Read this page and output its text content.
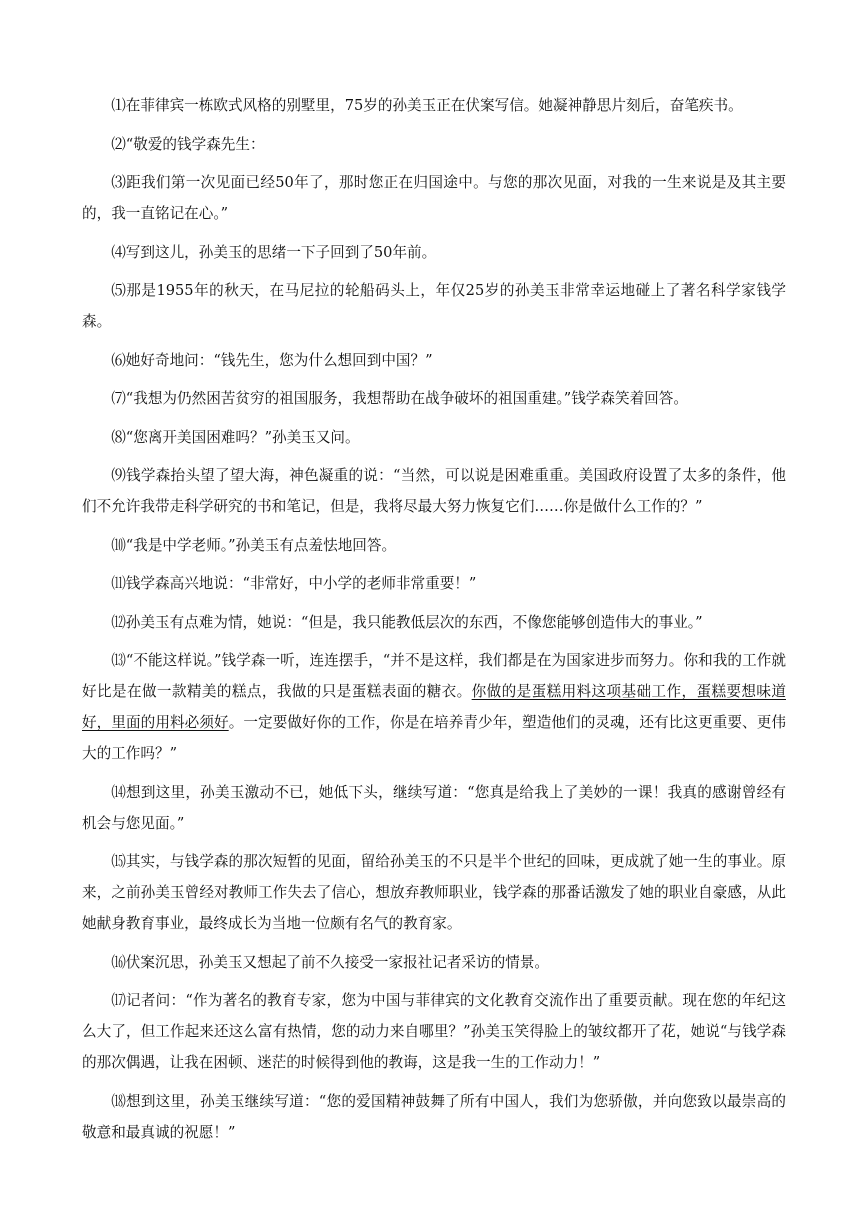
⑴在菲律宾一栋欧式风格的别墅里，75岁的孙美玉正在伏案写信。她凝神静思片刻后，奋笔疾书。

⑵“敬爱的钱学森先生：

⑶距我们第一次见面已经50年了，那时您正在归国途中。与您的那次见面，对我的一生来说是及其主要的，我一直铭记在心。”

⑷写到这儿，孙美玉的思绪一下子回到了50年前。

⑸那是1955年的秋天，在马尼拉的轮船码头上，年仅25岁的孙美玉非常幸运地碰上了著名科学家钱学森。

⑹她好奇地问：“钱先生，您为什么想回到中国？”

⑺“我想为仍然困苦贫穷的祖国服务，我想帮助在战争破坏的祖国重建。”钱学森笑着回答。

⑻“您离开美国困难吗？”孙美玉又问。

⑼钱学森抬头望了望大海，神色凝重的说：“当然，可以说是困难重重。美国政府设置了太多的条件，他们不允许我带走科学研究的书和笔记，但是，我将尽最大努力恢复它们……你是做什么工作的？”

⑽“我是中学老师。”孙美玉有点羞怯地回答。

⑾钱学森高兴地说：“非常好，中小学的老师非常重要！”

⑿孙美玉有点难为情，她说：“但是，我只能教低层次的东西，不像您能够创造伟大的事业。”

⒀“不能这样说。”钱学森一听，连连摆手，“并不是这样，我们都是在为国家进步而努力。你和我的工作就好比是在做一款精美的糕点，我做的只是蛋糕表面的糖衣。你做的是蛋糕用料这项基础工作，蛋糕要想味道好，里面的用料必须好。一定要做好你的工作，你是在培养青少年，塑造他们的灵魂，还有比这更重要、更伟大的工作吗？”

⒁想到这里，孙美玉激动不已，她低下头，继续写道：“您真是给我上了美妙的一课！我真的感谢曾经有机会与您见面。”

⒂其实，与钱学森的那次短暂的见面，留给孙美玉的不只是半个世纪的回味，更成就了她一生的事业。原来，之前孙美玉曾经对教师工作失去了信心，想放弃教师职业，钱学森的那番话激发了她的职业自豪感，从此她献身教育事业，最终成长为当地一位颇有名气的教育家。

⒃伏案沉思，孙美玉又想起了前不久接受一家报社记者采访的情景。

⒄记者问：“作为著名的教育专家，您为中国与菲律宾的文化教育交流作出了重要贡献。现在您的年纪这么大了，但工作起来还这么富有热情，您的动力来自哪里？”孙美玉笑得脸上的皱纹都开了花，她说“与钱学森的那次偶遇，让我在困顿、迷茫的时候得到他的教诲，这是我一生的工作动力！”

⒅想到这里，孙美玉继续写道：“您的爱国精神鼓舞了所有中国人，我们为您骄傲，并向您致以最崇高的敬意和最真诚的祝愿！”
